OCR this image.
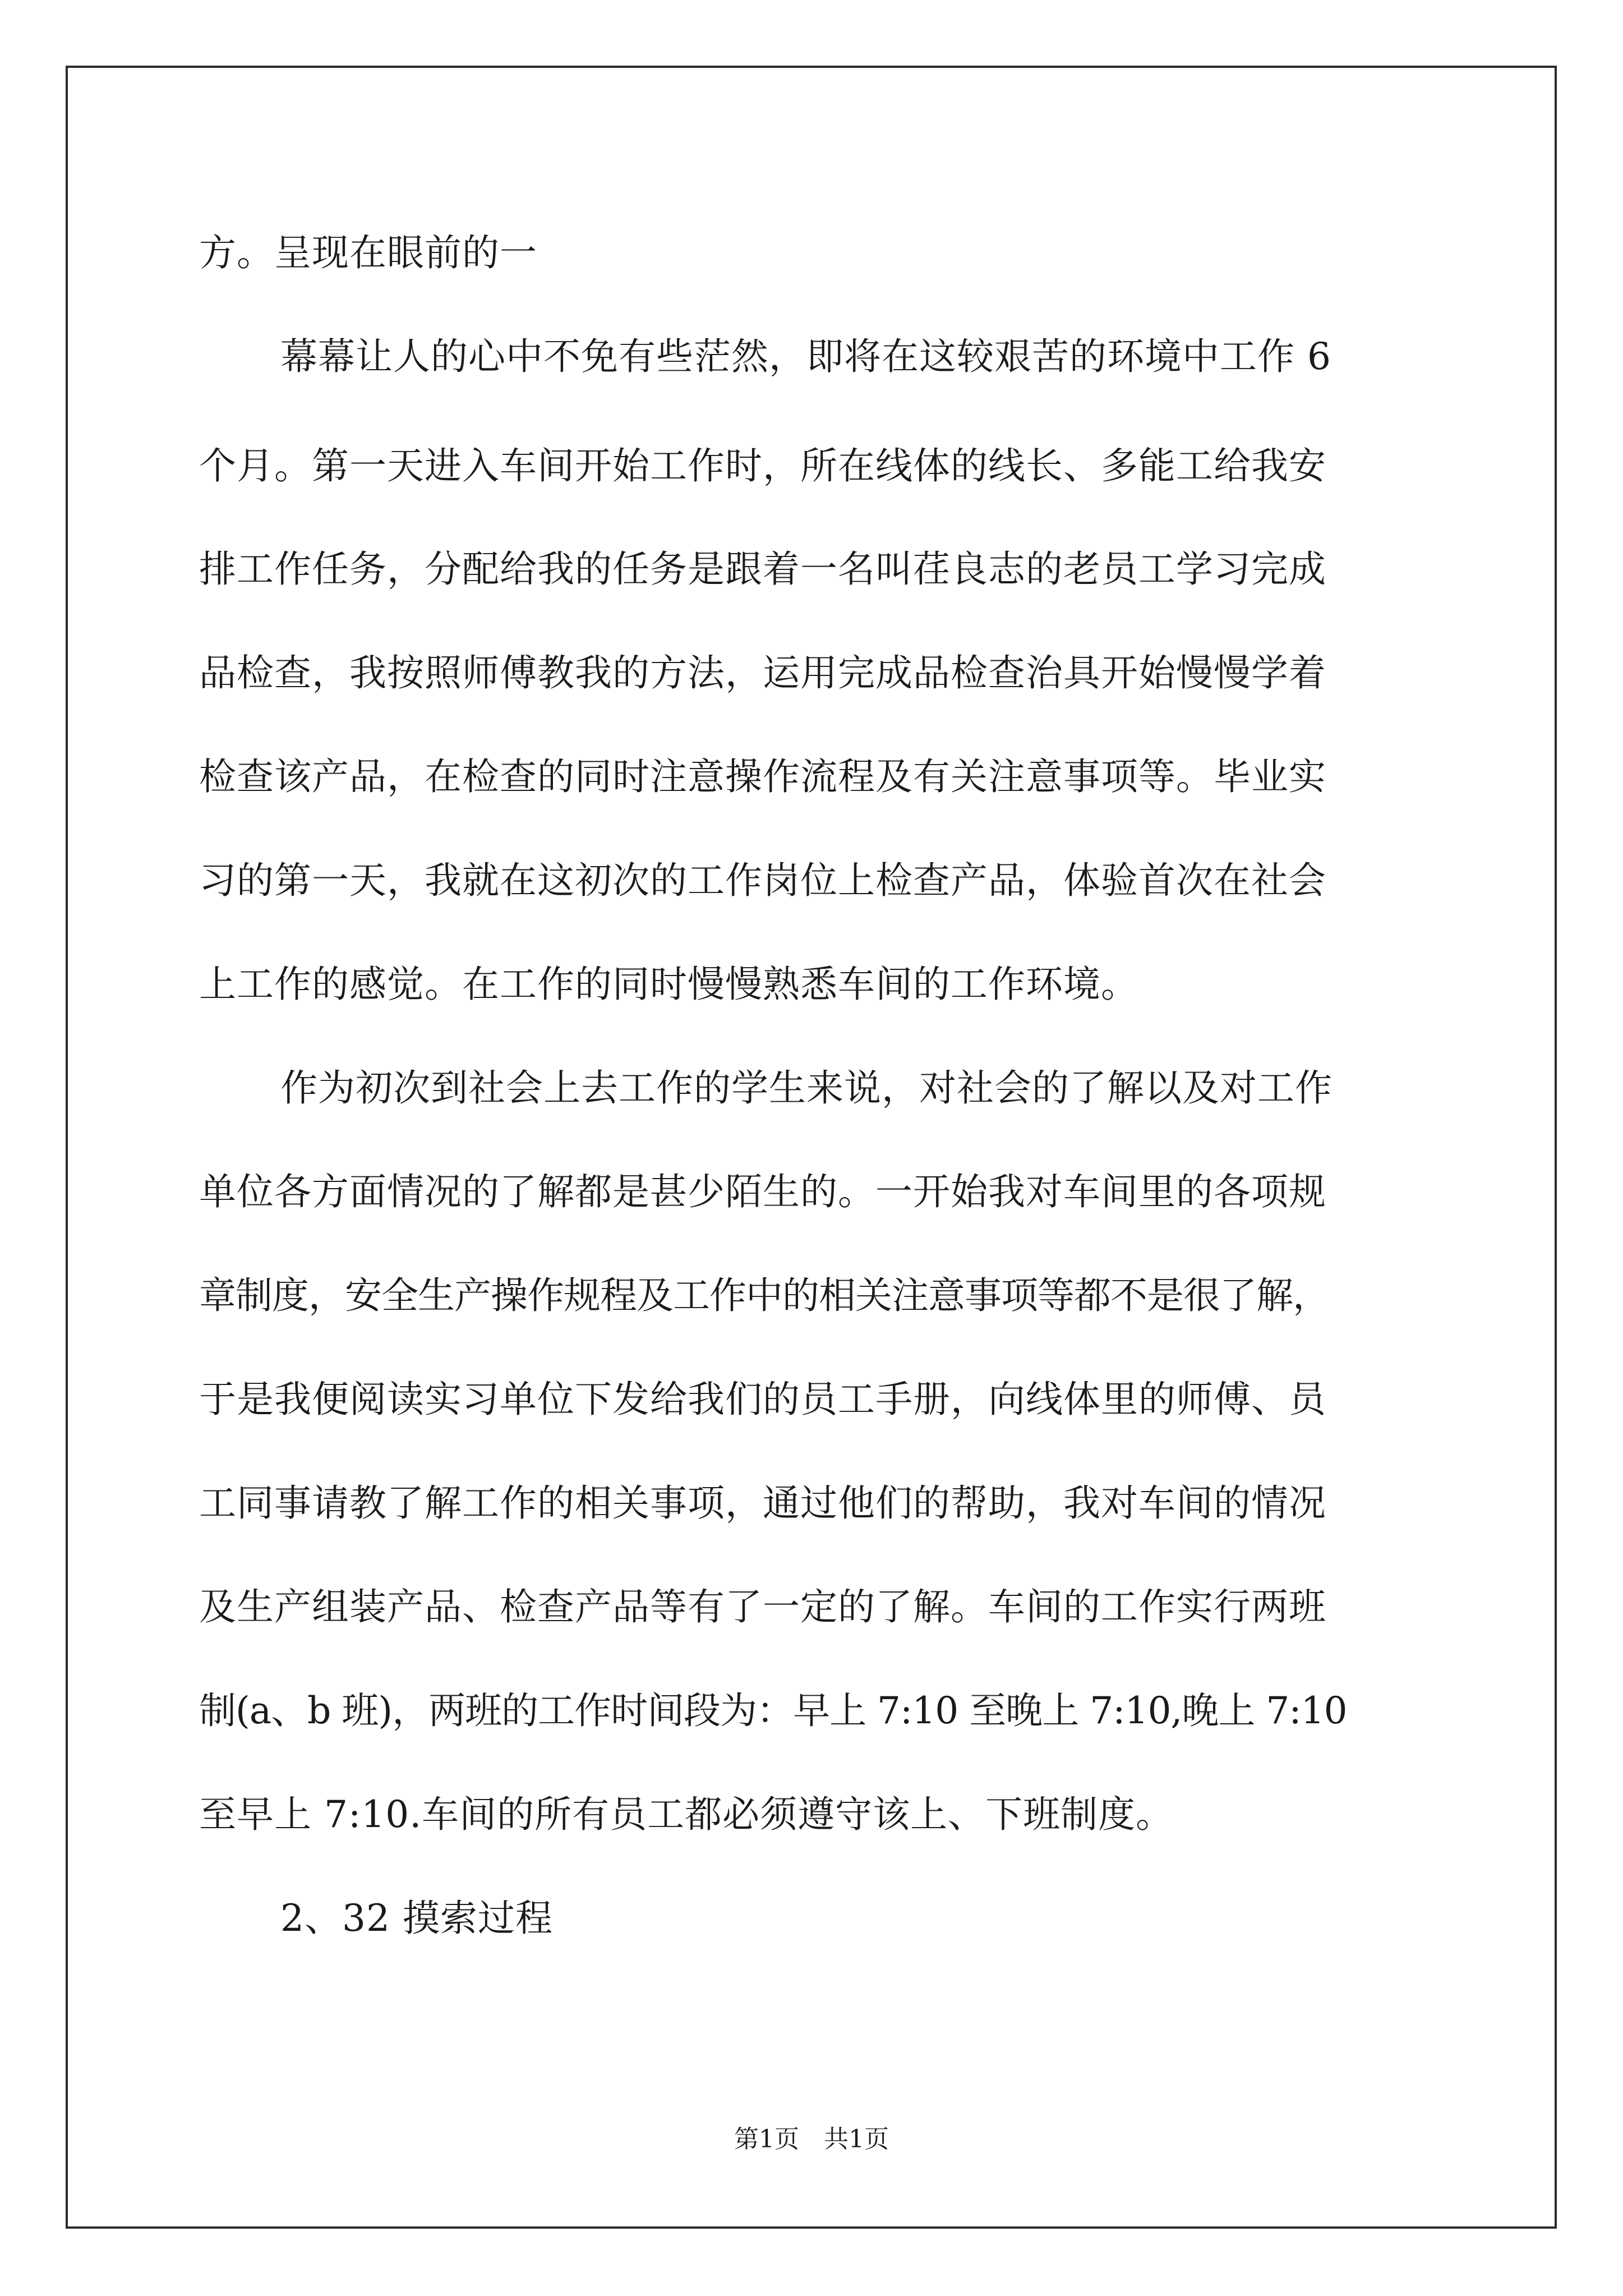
方。呈现在眼前的一
幕幕让人的心中不免有些茫然，即将在这较艰苦的环境中工作 6
个月。第一天进入车间开始工作时，所在线体的线长、多能工给我安
排工作任务，分配给我的任务是跟着一名叫荏良志的老员工学习完成
品检查，我按照师傅教我的方法，运用完成品检查治具开始慢慢学着
检查该产品，在检查的同时注意操作流程及有关注意事项等。毕业实
习的第一天，我就在这初次的工作岗位上检查产品，体验首次在社会
上工作的感觉。在工作的同时慢慢熟悉车间的工作环境。
作为初次到社会上去工作的学生来说，对社会的了解以及对工作
单位各方面情况的了解都是甚少陌生的。一开始我对车间里的各项规
章制度，安全生产操作规程及工作中的相关注意事项等都不是很了解，
于是我便阅读实习单位下发给我们的员工手册，向线体里的师傅、员
工同事请教了解工作的相关事项，通过他们的帮助，我对车间的情况
及生产组装产品、检查产品等有了一定的了解。车间的工作实行两班
制(a、b 班)，两班的工作时间段为：早上 7:10 至晚上 7:10,晚上 7:10
至早上 7:10.车间的所有员工都必须遵守该上、下班制度。
2、32 摸索过程
第1页　共1页
